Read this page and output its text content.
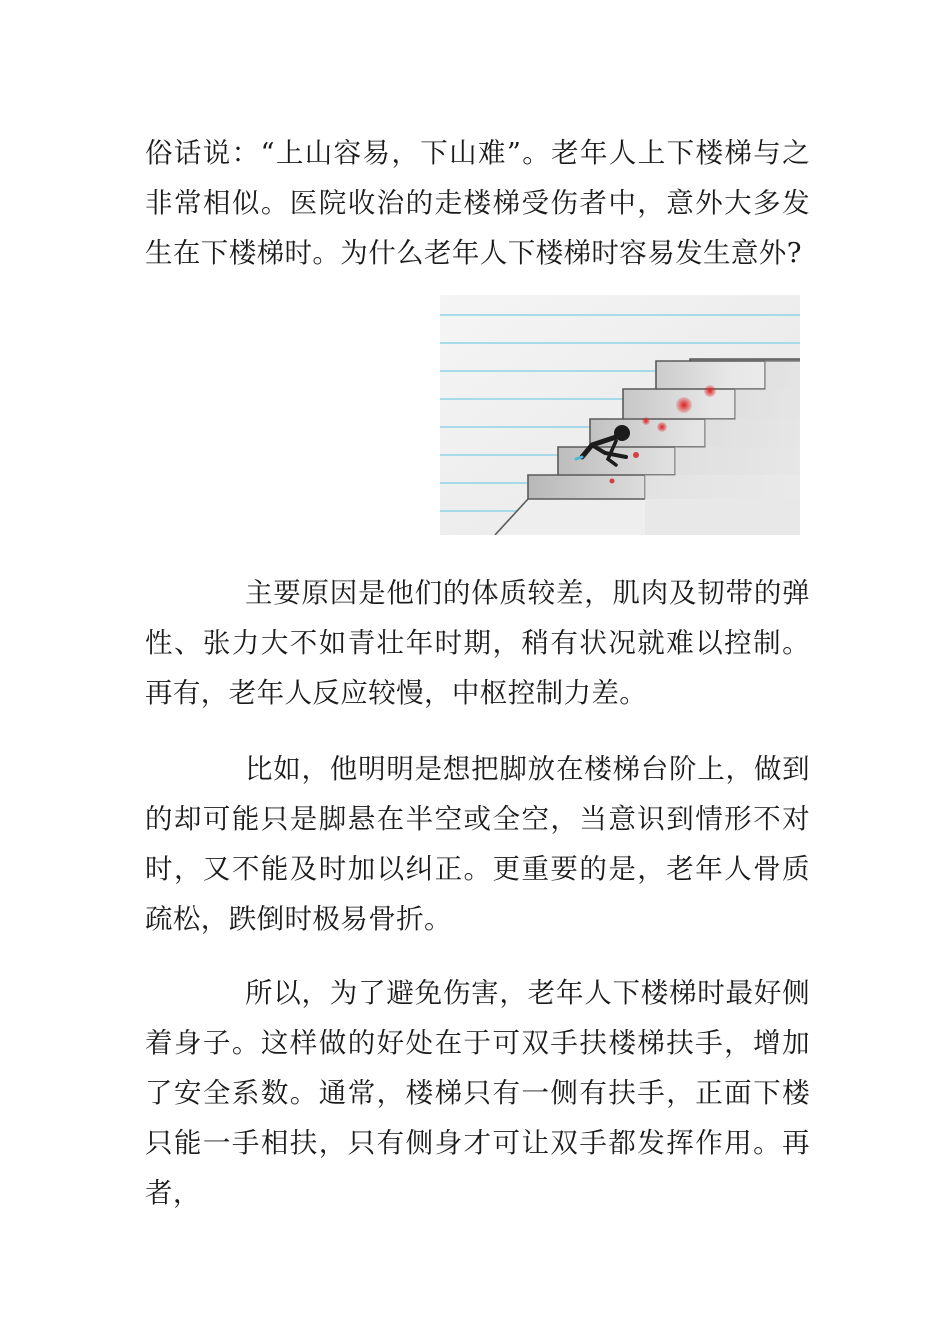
俗话说：“上山容易，下山难”。老年人上下楼梯与之非常相似。医院收治的走楼梯受伤者中，意外大多发生在下楼梯时。为什么老年人下楼梯时容易发生意外?

主要原因是他们的体质较差，肌肉及韧带的弹性、张力大不如青壮年时期，稍有状况就难以控制。再有，老年人反应较慢，中枢控制力差。

比如，他明明是想把脚放在楼梯台阶上，做到的却可能只是脚悬在半空或全空，当意识到情形不对时，又不能及时加以纠正。更重要的是，老年人骨质疏松，跌倒时极易骨折。

所以，为了避免伤害，老年人下楼梯时最好侧着身子。这样做的好处在于可双手扶楼梯扶手，增加了安全系数。通常，楼梯只有一侧有扶手，正面下楼只能一手相扶，只有侧身才可让双手都发挥作用。再者，
